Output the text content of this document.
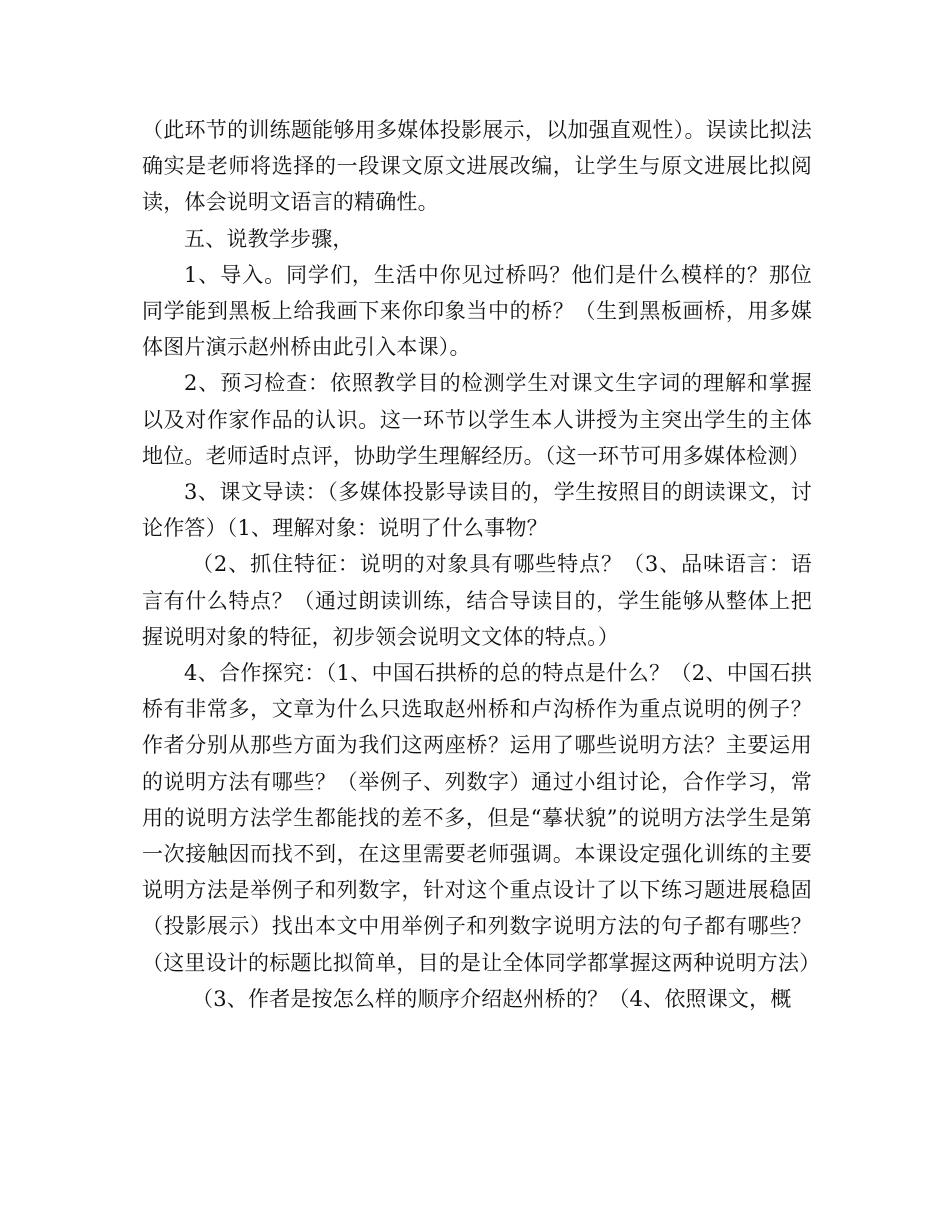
（此环节的训练题能够用多媒体投影展示，以加强直观性）。误读比拟法确实是老师将选择的一段课文原文进展改编，让学生与原文进展比拟阅读，体会说明文语言的精确性。

五、说教学步骤，

1、导入。同学们，生活中你见过桥吗？他们是什么模样的？那位同学能到黑板上给我画下来你印象当中的桥？（生到黑板画桥，用多媒体图片演示赵州桥由此引入本课）。

2、预习检查：依照教学目的检测学生对课文生字词的理解和掌握以及对作家作品的认识。这一环节以学生本人讲授为主突出学生的主体地位。老师适时点评，协助学生理解经历。（这一环节可用多媒体检测）

3、课文导读：（多媒体投影导读目的，学生按照目的朗读课文，讨论作答）（1、理解对象：说明了什么事物？

（2、抓住特征：说明的对象具有哪些特点？（3、品味语言：语言有什么特点？（通过朗读训练，结合导读目的，学生能够从整体上把握说明对象的特征，初步领会说明文文体的特点。）

4、合作探究：（1、中国石拱桥的总的特点是什么？（2、中国石拱桥有非常多，文章为什么只选取赵州桥和卢沟桥作为重点说明的例子？作者分别从那些方面为我们这两座桥？运用了哪些说明方法？主要运用的说明方法有哪些？（举例子、列数字）通过小组讨论，合作学习，常用的说明方法学生都能找的差不多，但是“摹状貌”的说明方法学生是第一次接触因而找不到，在这里需要老师强调。本课设定强化训练的主要说明方法是举例子和列数字，针对这个重点设计了以下练习题进展稳固（投影展示）找出本文中用举例子和列数字说明方法的句子都有哪些？（这里设计的标题比拟简单，目的是让全体同学都掌握这两种说明方法）

（3、作者是按怎么样的顺序介绍赵州桥的？（4、依照课文，概
